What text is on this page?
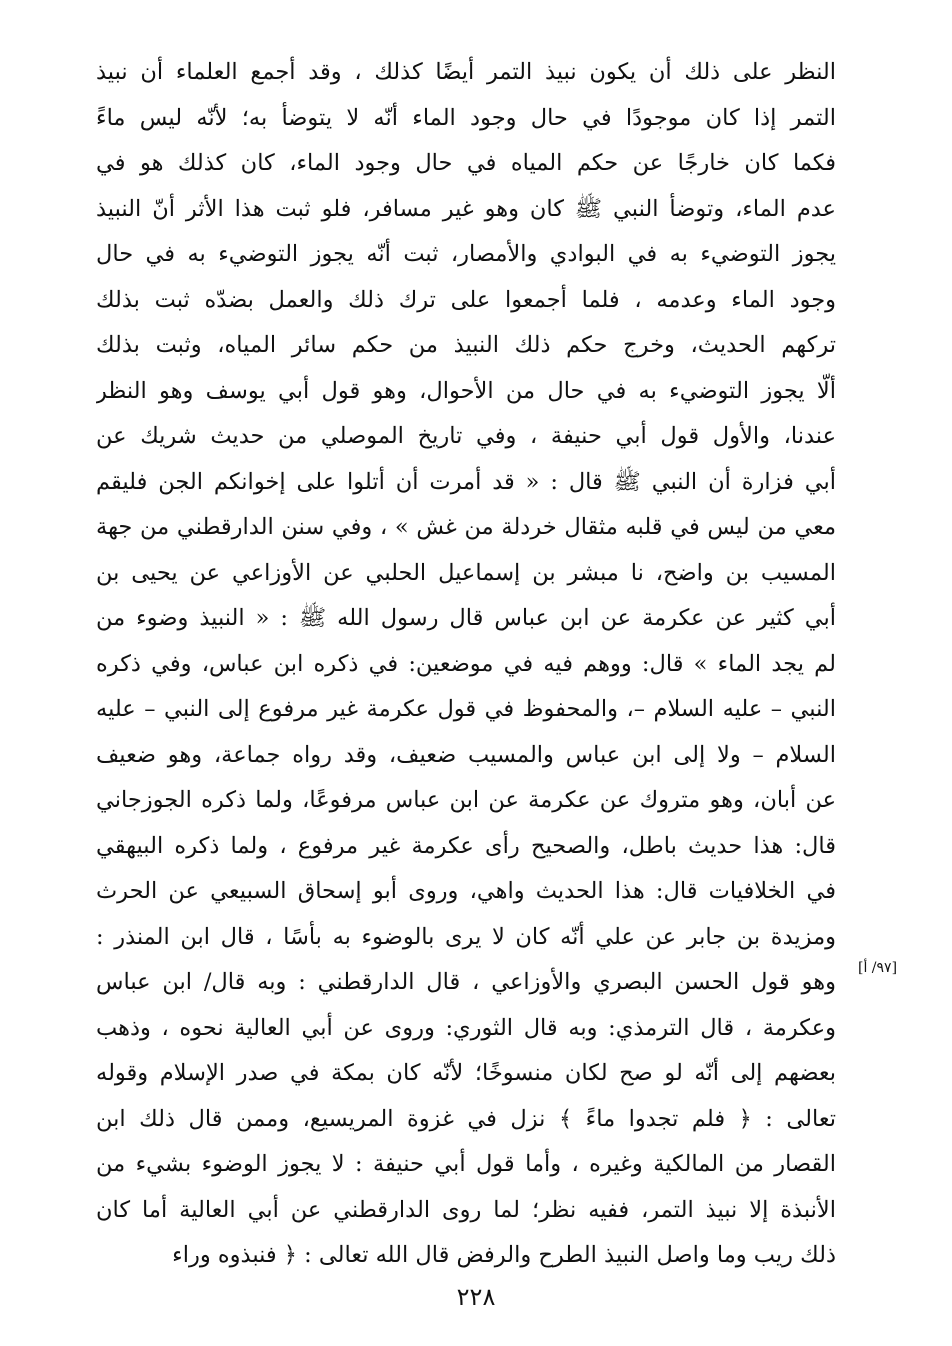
النظر على ذلك أن يكون نبيذ التمر أيضًا كذلك ، وقد أجمع العلماء أن نبيذ
التمر إذا كان موجودًا في حال وجود الماء أنّه لا يتوضأ به؛ لأنّه ليس ماءً
فكما كان خارجًا عن حكم المياه في حال وجود الماء، كان كذلك هو في
عدم الماء، وتوضأ النبي ﷺ كان وهو غير مسافر، فلو ثبت هذا الأثر أنّ النبيذ
يجوز التوضيء به في البوادي والأمصار، ثبت أنّه يجوز التوضيء به في حال
وجود الماء وعدمه ، فلما أجمعوا على ترك ذلك والعمل بضدّه ثبت بذلك
تركهم الحديث، وخرج حكم ذلك النبيذ من حكم سائر المياه، وثبت بذلك
ألّا يجوز التوضيء به في حال من الأحوال، وهو قول أبي يوسف وهو النظر
عندنا، والأول قول أبي حنيفة ، وفي تاريخ الموصلي من حديث شريك عن
أبي فزارة أن النبي ﷺ قال : « قد أمرت أن أتلوا على إخوانكم الجن فليقم
معي من ليس في قلبه مثقال خردلة من غش » ، وفي سنن الدارقطني من جهة
المسيب بن واضح، نا مبشر بن إسماعيل الحلبي عن الأوزاعي عن يحيى بن
أبي كثير عن عكرمة عن ابن عباس قال رسول الله ﷺ : « النبيذ وضوء من
لم يجد الماء » قال: ووهم فيه في موضعين: في ذكره ابن عباس، وفي ذكره
النبي – عليه السلام –، والمحفوظ في قول عكرمة غير مرفوع إلى النبي – عليه
السلام – ولا إلى ابن عباس والمسيب ضعيف، وقد رواه جماعة، وهو ضعيف
عن أبان، وهو متروك عن عكرمة عن ابن عباس مرفوعًا، ولما ذكره الجوزجاني
قال: هذا حديث باطل، والصحيح رأى عكرمة غير مرفوع ، ولما ذكره البيهقي
في الخلافيات قال: هذا الحديث واهي، وروى أبو إسحاق السبيعي عن الحرث
ومزيدة بن جابر عن علي أنّه كان لا يرى بالوضوء به بأسًا ، قال ابن المنذر :
وهو قول الحسن البصري والأوزاعي ، قال الدارقطني : وبه قال/ ابن عباس
وعكرمة ، قال الترمذي: وبه قال الثوري: وروى عن أبي العالية نحوه ، وذهب
بعضهم إلى أنّه لو صح لكان منسوخًا؛ لأنّه كان بمكة في صدر الإسلام وقوله
تعالى : ﴿ فلم تجدوا ماءً ﴾ نزل في غزوة المريسيع، وممن قال ذلك ابن
القصار من المالكية وغيره ، وأما قول أبي حنيفة : لا يجوز الوضوء بشيء من
الأنبذة إلا نبيذ التمر، ففيه نظر؛ لما روى الدارقطني عن أبي العالية أما كان
ذلك ريب وما واصل النبيذ الطرح والرفض قال الله تعالى : ﴿ فنبذوه وراء
[٩٧/ أ]
٢٢٨
